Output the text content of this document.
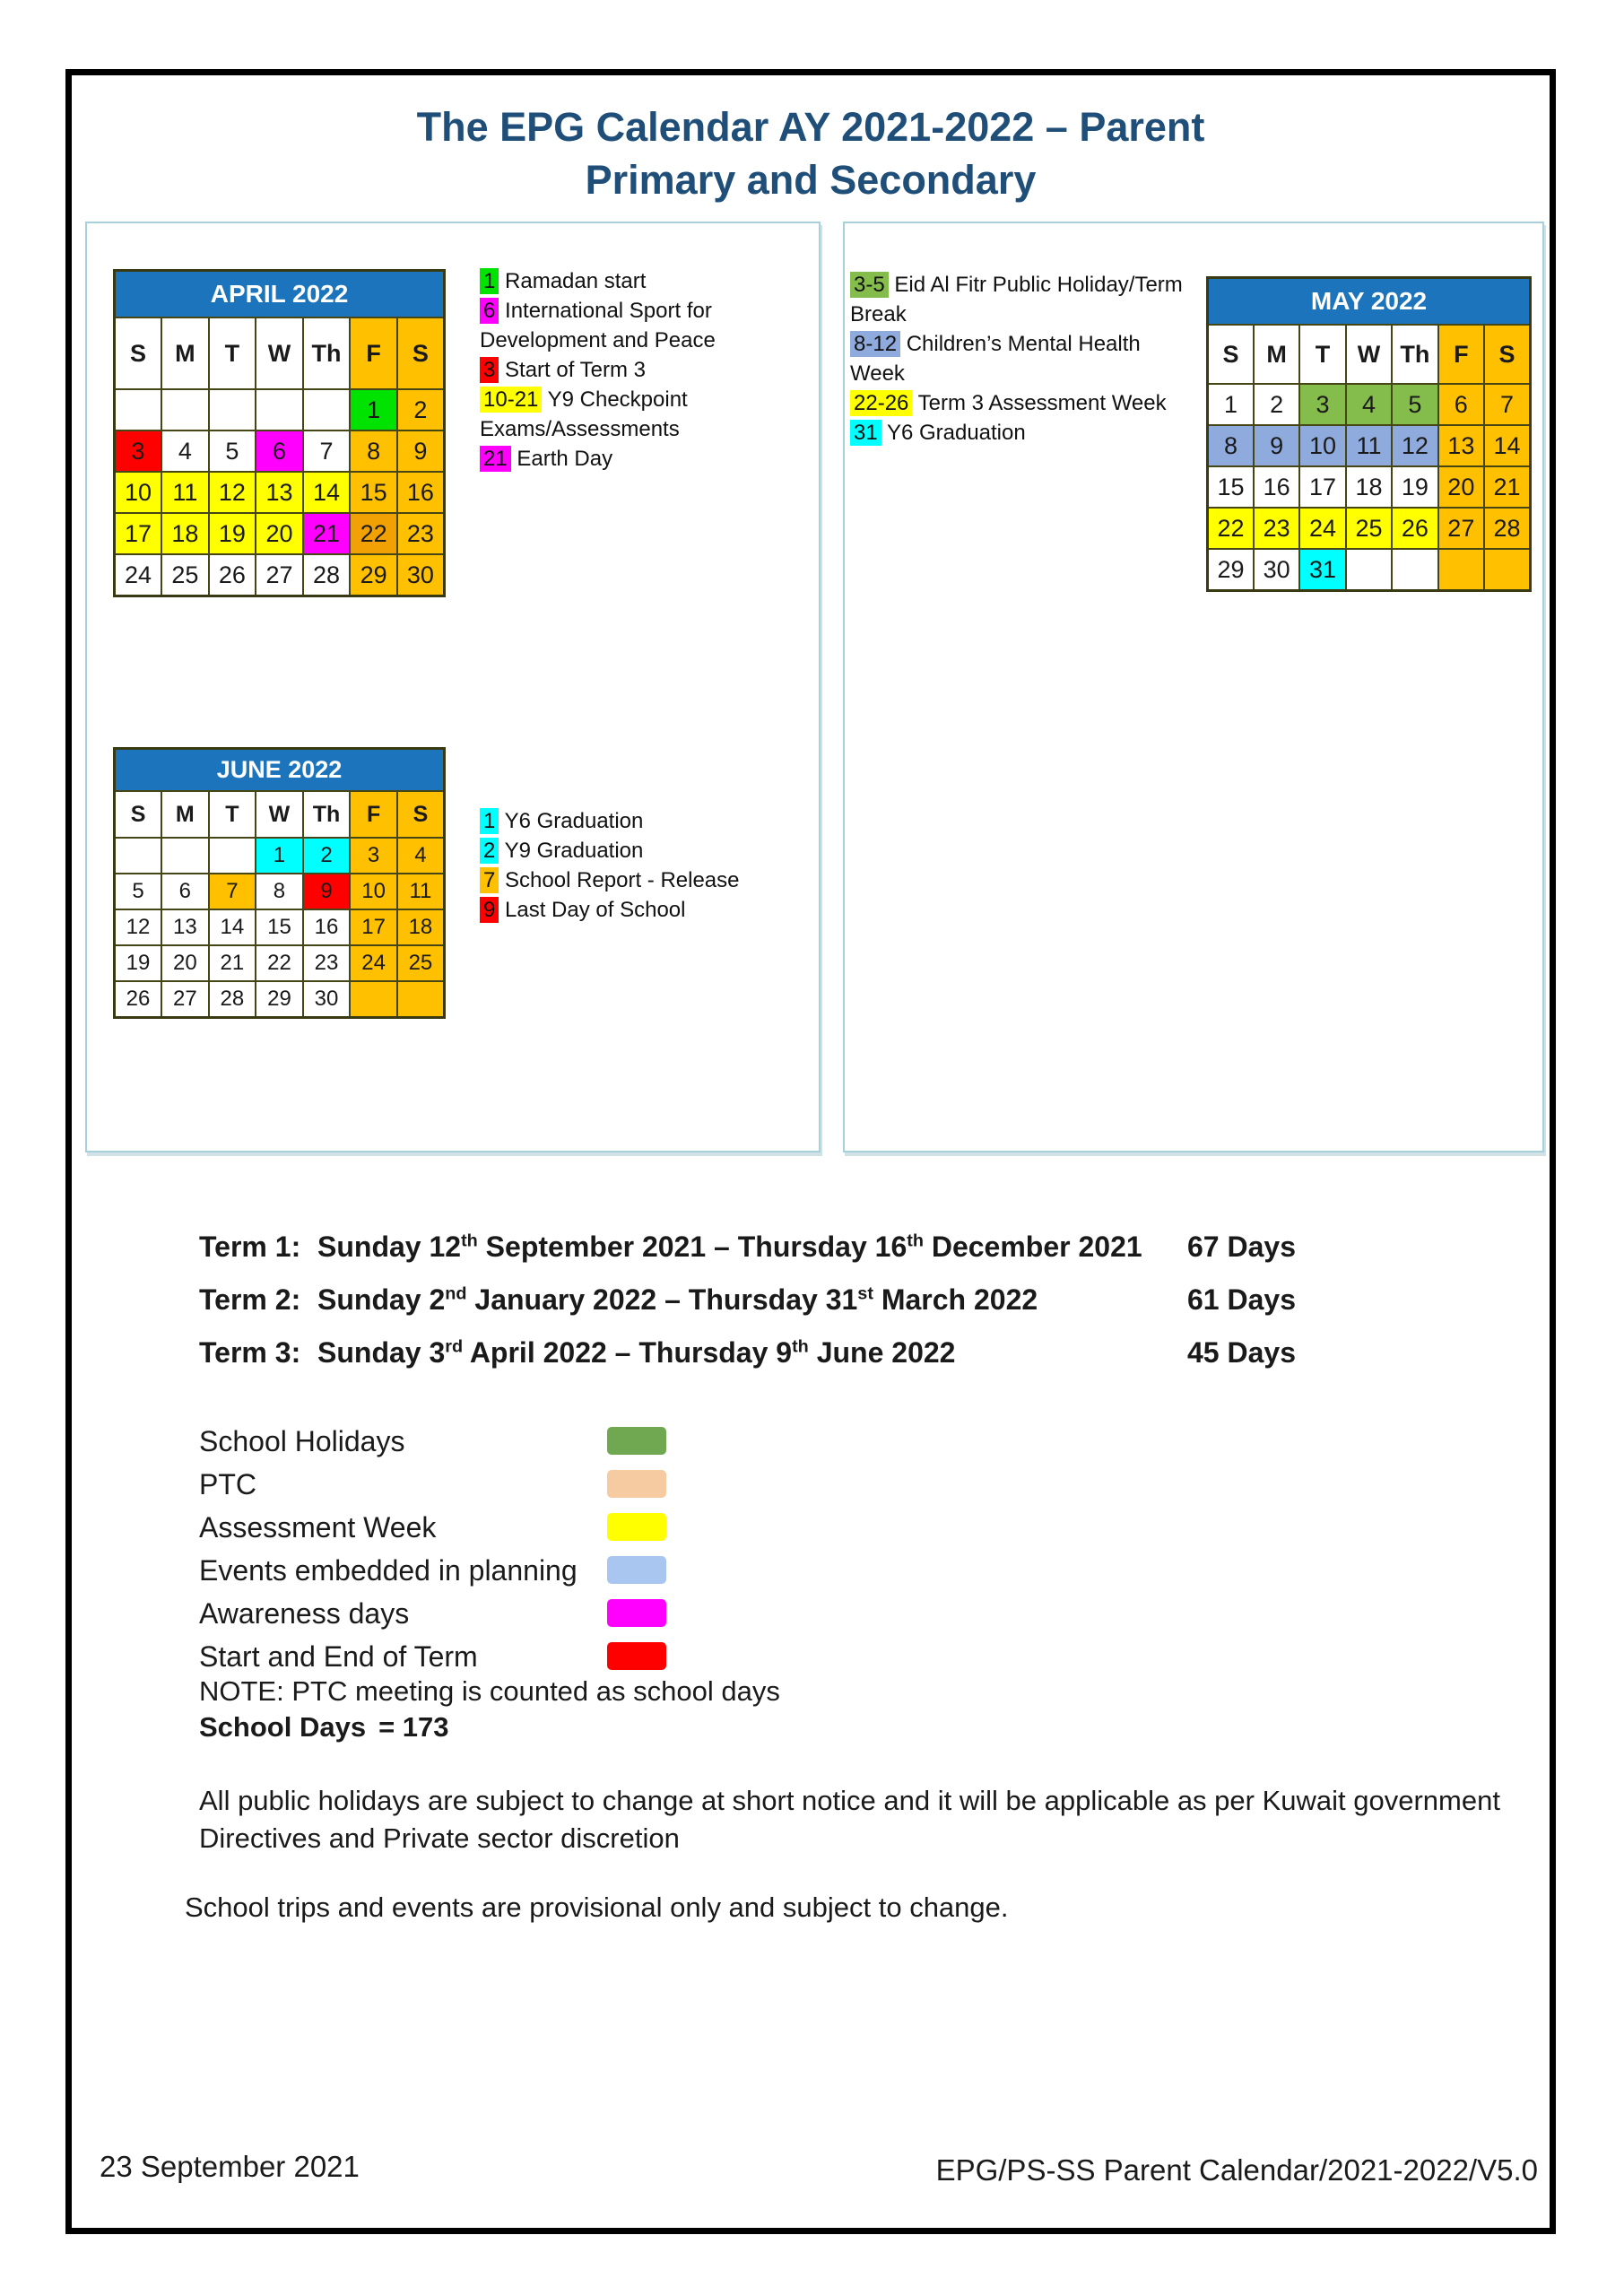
The EPG Calendar AY 2021-2022 – Parent
Primary and Secondary
APRIL 2022						
S	M	T	W	Th	F	S
					1	2
3	4	5	6	7	8	9
10	11	12	13	14	15	16
17	18	19	20	21	22	23
24	25	26	27	28	29	30
1 Ramadan start
6 International Sport for
Development and Peace
3 Start of Term 3
10-21 Y9 Checkpoint
Exams/Assessments
21 Earth Day
JUNE 2022						
S	M	T	W	Th	F	S
			1	2	3	4
5	6	7	8	9	10	11
12	13	14	15	16	17	18
19	20	21	22	23	24	25
26	27	28	29	30		
1 Y6 Graduation
2 Y9 Graduation
7 School Report - Release
9 Last Day of School
3-5 Eid Al Fitr Public Holiday/Term
Break
8-12 Children’s Mental Health
Week
22-26 Term 3 Assessment Week
31 Y6 Graduation
MAY 2022						
S	M	T	W	Th	F	S
1	2	3	4	5	6	7
8	9	10	11	12	13	14
15	16	17	18	19	20	21
22	23	24	25	26	27	28
29	30	31				
Term 1: Sunday 12th September 2021 – Thursday 16th December 2021 67 Days
Term 2: Sunday 2nd January 2022 – Thursday 31st March 2022	61 Days
Term 3: Sunday 3rd April 2022 – Thursday 9th June 2022	45 Days
School Holidays
PTC
Assessment Week
Events embedded in planning
Awareness days
Start and End of Term
NOTE: PTC meeting is counted as school days
School Days = 173
All public holidays are subject to change at short notice and it will be applicable as per Kuwait government Directives and Private sector discretion
School trips and events are provisional only and subject to change.
23 September 2021	EPG/PS-SS Parent Calendar/2021-2022/V5.0
